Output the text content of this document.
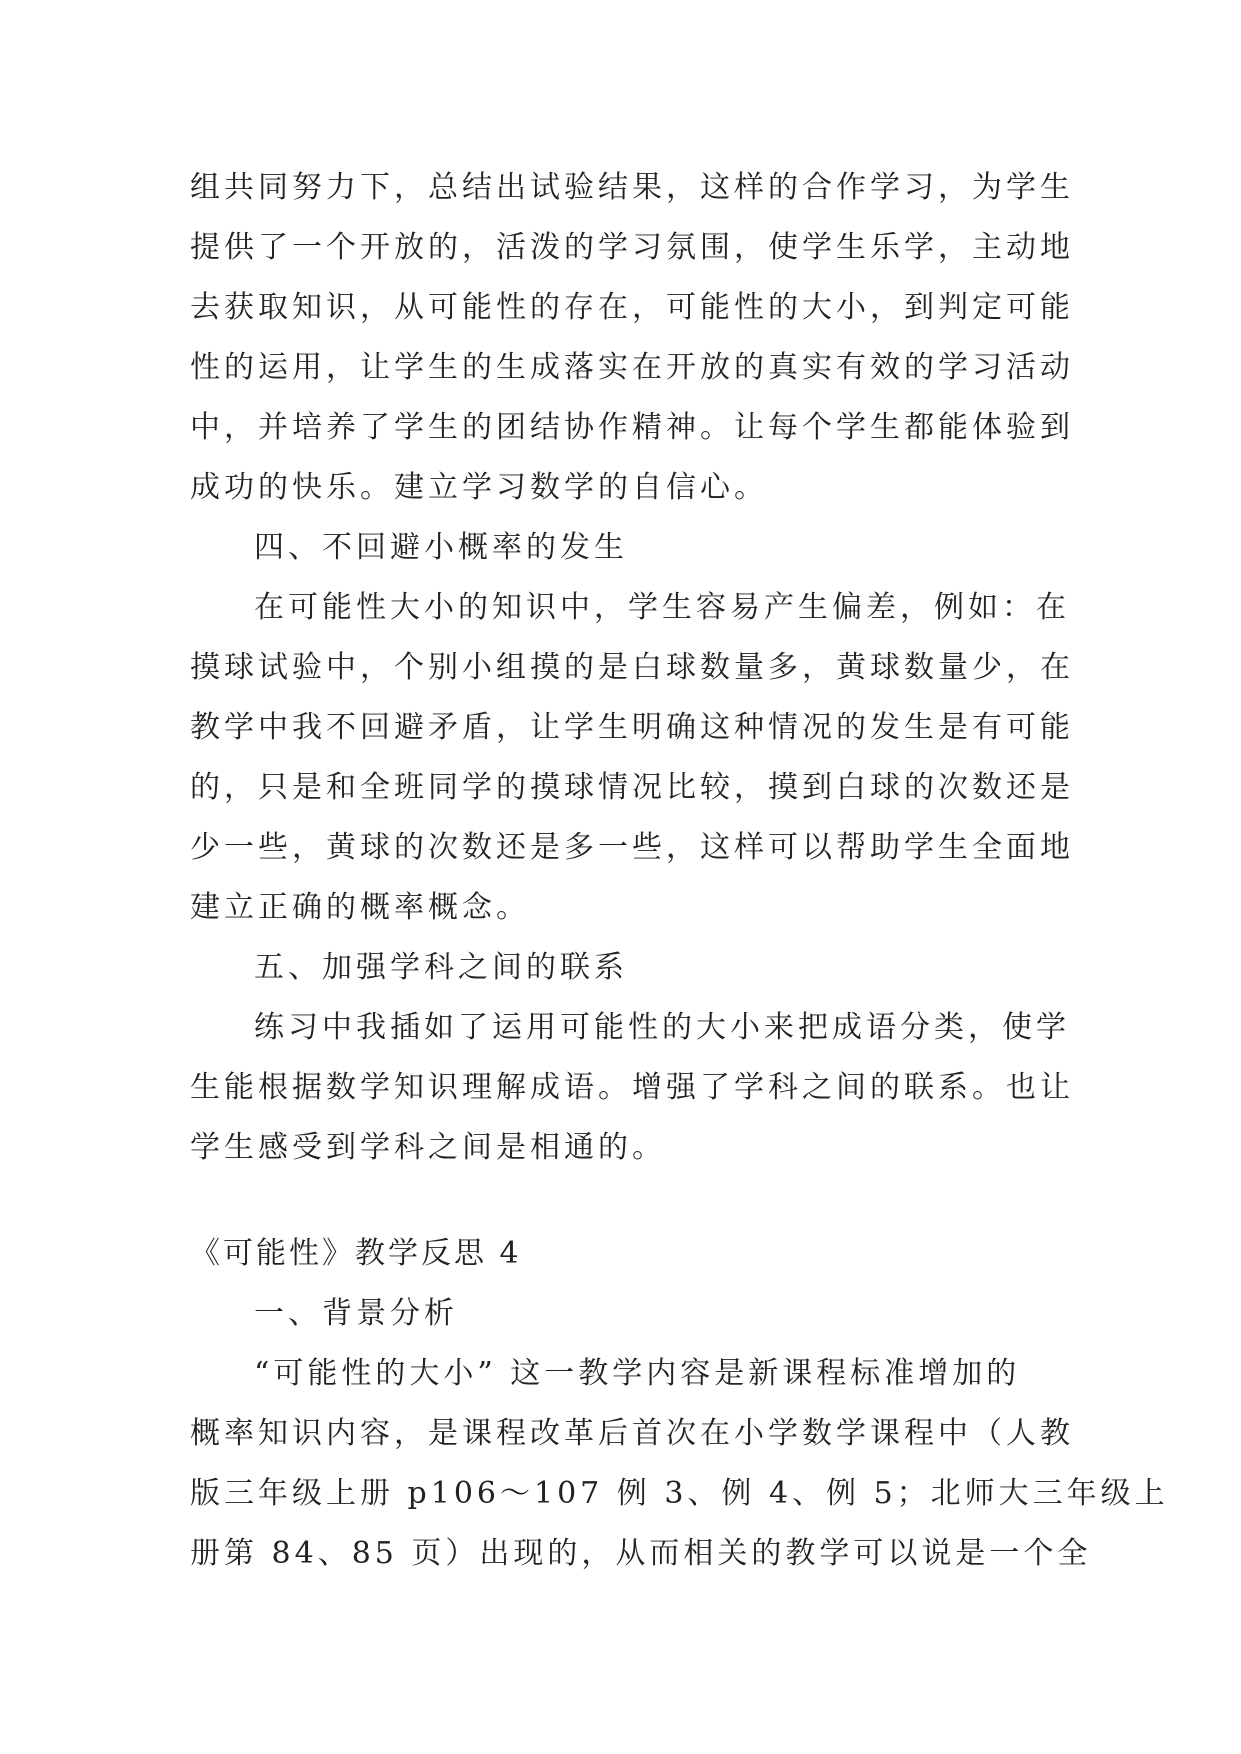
组共同努力下，总结出试验结果，这样的合作学习，为学生
提供了一个开放的，活泼的学习氛围，使学生乐学，主动地
去获取知识，从可能性的存在，可能性的大小，到判定可能
性的运用，让学生的生成落实在开放的真实有效的学习活动
中，并培养了学生的团结协作精神。让每个学生都能体验到
成功的快乐。建立学习数学的自信心。
四、不回避小概率的发生
在可能性大小的知识中，学生容易产生偏差，例如：在
摸球试验中，个别小组摸的是白球数量多，黄球数量少，在
教学中我不回避矛盾，让学生明确这种情况的发生是有可能
的，只是和全班同学的摸球情况比较，摸到白球的次数还是
少一些，黄球的次数还是多一些，这样可以帮助学生全面地
建立正确的概率概念。
五、加强学科之间的联系
练习中我插如了运用可能性的大小来把成语分类，使学
生能根据数学知识理解成语。增强了学科之间的联系。也让
学生感受到学科之间是相通的。
《可能性》教学反思 4
一、背景分析
“可能性的大小” 这一教学内容是新课程标准增加的
概率知识内容，是课程改革后首次在小学数学课程中（人教
版三年级上册 p106～107 例 3、例 4、例 5；北师大三年级上
册第 84、85 页）出现的，从而相关的教学可以说是一个全
